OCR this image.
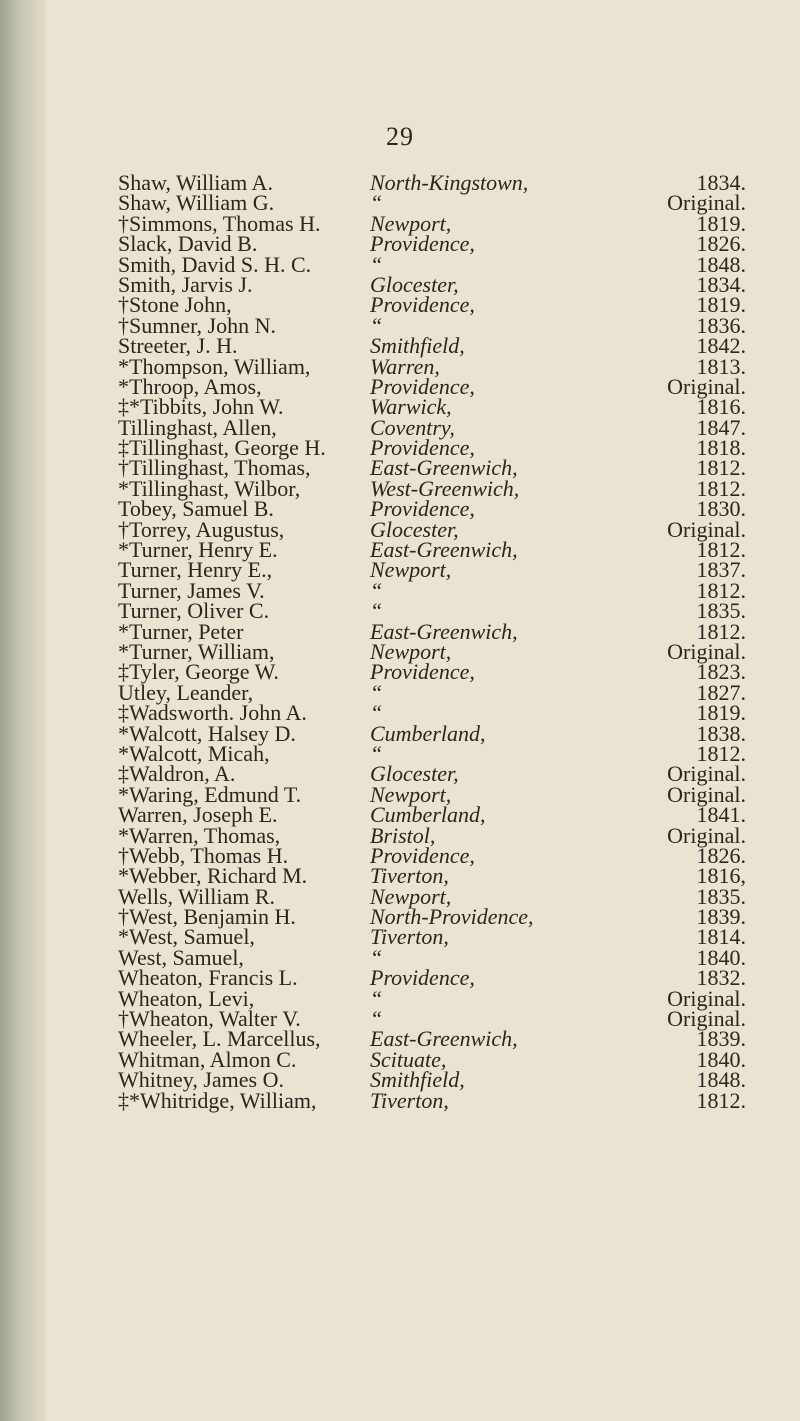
29
Shaw, William A.	North-Kingstown,	1834.
Shaw, William G.	“	Original.
†Simmons, Thomas H. Newport,	1819.
Slack, David B.	Providence,	1826.
Smith, David S. H. C.	“	1848.
Smith, Jarvis J.	Glocester,	1834.
†Stone John,	Providence,	1819.
†Sumner, John N.	“	1836.
Streeter, J. H.	Smithfield,	1842.
*Thompson, William,	Warren,	1813.
*Throop, Amos,	Providence,	Original.
‡*Tibbits, John W.	Warwick,	1816.
Tillinghast, Allen,	Coventry,	1847.
‡Tillinghast, George H. Providence,	1818.
†Tillinghast, Thomas,	East-Greenwich,	1812.
*Tillinghast, Wilbor,	West-Greenwich,	1812.
Tobey, Samuel B.	Providence,	1830.
†Torrey, Augustus,	Glocester,	Original.
*Turner, Henry E.	East-Greenwich,	1812.
Turner, Henry E.,	Newport,	1837.
Turner, James V.	“	1812.
Turner, Oliver C.	“	1835.
*Turner, Peter	East-Greenwich,	1812.
*Turner, William,	Newport,	Original.
‡Tyler, George W.	Providence,	1823.
Utley, Leander,	“	1827.
‡Wadsworth. John A.	“	1819.
*Walcott, Halsey D.	Cumberland,	1838.
*Walcott, Micah,	“	1812.
‡Waldron, A.	Glocester,	Original.
*Waring, Edmund T.	Newport,	Original.
Warren, Joseph E.	Cumberland,	1841.
*Warren, Thomas,	Bristol,	Original.
†Webb, Thomas H.	Providence,	1826.
*Webber, Richard M.	Tiverton,	1816,
Wells, William R.	Newport,	1835.
†West, Benjamin H.	North-Providence,	1839.
*West, Samuel,	Tiverton,	1814.
West, Samuel,	“	1840.
Wheaton, Francis L.	Providence,	1832.
Wheaton, Levi,	“	Original.
†Wheaton, Walter V.	“	Original.
Wheeler, L. Marcellus, East-Greenwich,	1839.
Whitman, Almon C.	Scituate,	1840.
Whitney, James O.	Smithfield,	1848.
‡*Whitridge, William, Tiverton,	1812.
